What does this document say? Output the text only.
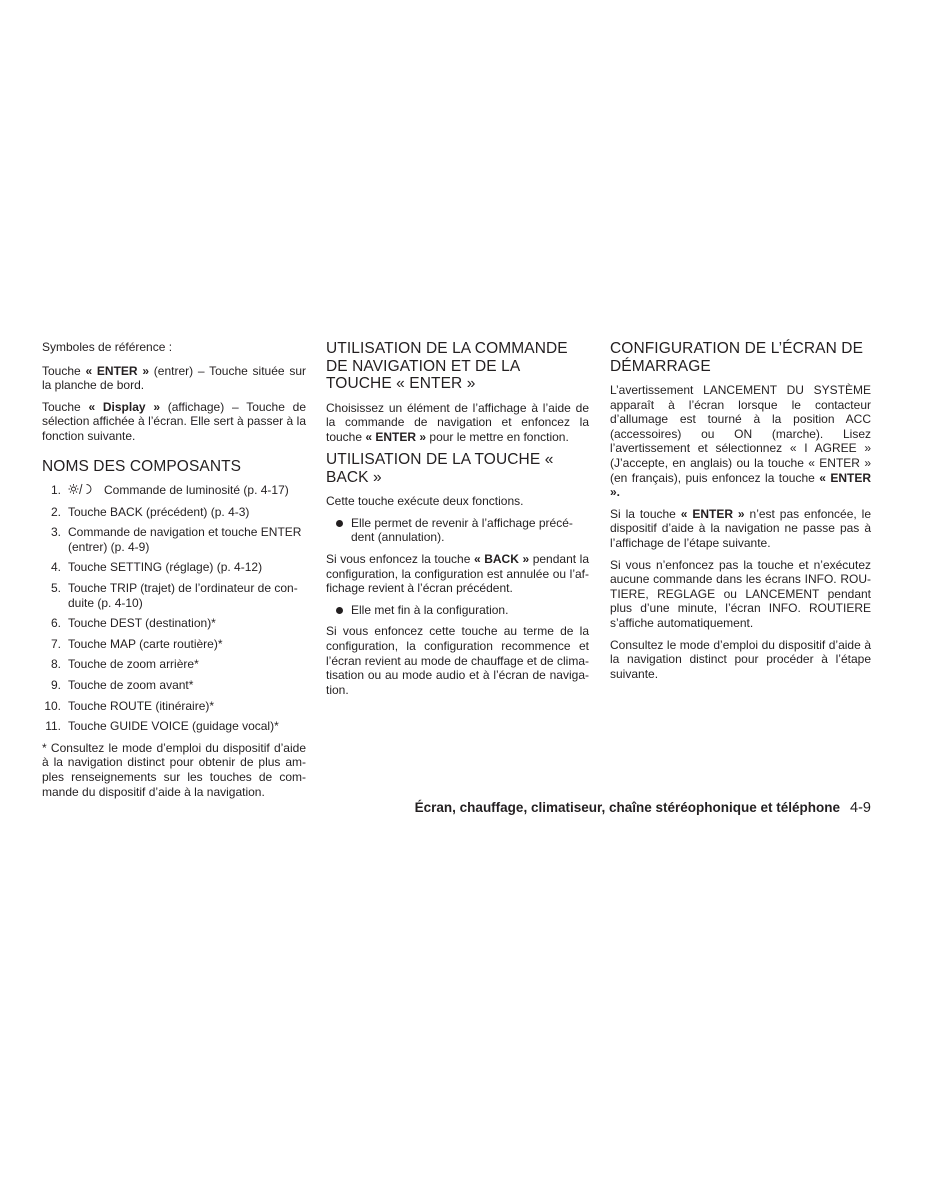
Symboles de référence :

Touche « ENTER » (entrer) – Touche située sur la planche de bord.

Touche « Display » (affichage) – Touche de sélection affichée à l’écran. Elle sert à passer à la fonction suivante.

NOMS DES COMPOSANTS
1.	Commande de luminosité (p. 4-17)
2. Touche BACK (précédent) (p. 4-3)
3. Commande de navigation et touche ENTER (entrer) (p. 4-9)
4. Touche SETTING (réglage) (p. 4-12)
5. Touche TRIP (trajet) de l’ordinateur de conduite (p. 4-10)
6. Touche DEST (destination)*
7. Touche MAP (carte routière)*
8. Touche de zoom arrière*
9. Touche de zoom avant*
10. Touche ROUTE (itinéraire)*
11. Touche GUIDE VOICE (guidage vocal)*

* Consultez le mode d’emploi du dispositif d’aide à la navigation distinct pour obtenir de plus amples renseignements sur les touches de commande du dispositif d’aide à la navigation.

UTILISATION DE LA COMMANDE DE NAVIGATION ET DE LA TOUCHE « ENTER »

Choisissez un élément de l’affichage à l’aide de la commande de navigation et enfoncez la touche « ENTER » pour le mettre en fonction.

UTILISATION DE LA TOUCHE « BACK »

Cette touche exécute deux fonctions.

Elle permet de revenir à l’affichage précédent (annulation).

Si vous enfoncez la touche « BACK » pendant la configuration, la configuration est annulée ou l’affichage revient à l’écran précédent.

Elle met fin à la configuration.

Si vous enfoncez cette touche au terme de la configuration, la configuration recommence et l’écran revient au mode de chauffage et de climatisation ou au mode audio et à l’écran de navigation.

CONFIGURATION DE L’ÉCRAN DE DÉMARRAGE

L’avertissement LANCEMENT DU SYSTÈME apparaît à l’écran lorsque le contacteur d’allumage est tourné à la position ACC (accessoires) ou ON (marche). Lisez l’avertissement et sélectionnez « I AGREE » (J’accepte, en anglais) ou la touche « ENTER » (en français), puis enfoncez la touche « ENTER ».

Si la touche « ENTER » n’est pas enfoncée, le dispositif d’aide à la navigation ne passe pas à l’affichage de l’étape suivante.

Si vous n’enfoncez pas la touche et n’exécutez aucune commande dans les écrans INFO. ROUTIERE, REGLAGE ou LANCEMENT pendant plus d’une minute, l’écran INFO. ROUTIERE s’affiche automatiquement.

Consultez le mode d’emploi du dispositif d’aide à la navigation distinct pour procéder à l’étape suivante.

Écran, chauffage, climatiseur, chaîne stéréophonique et téléphone 4-9
